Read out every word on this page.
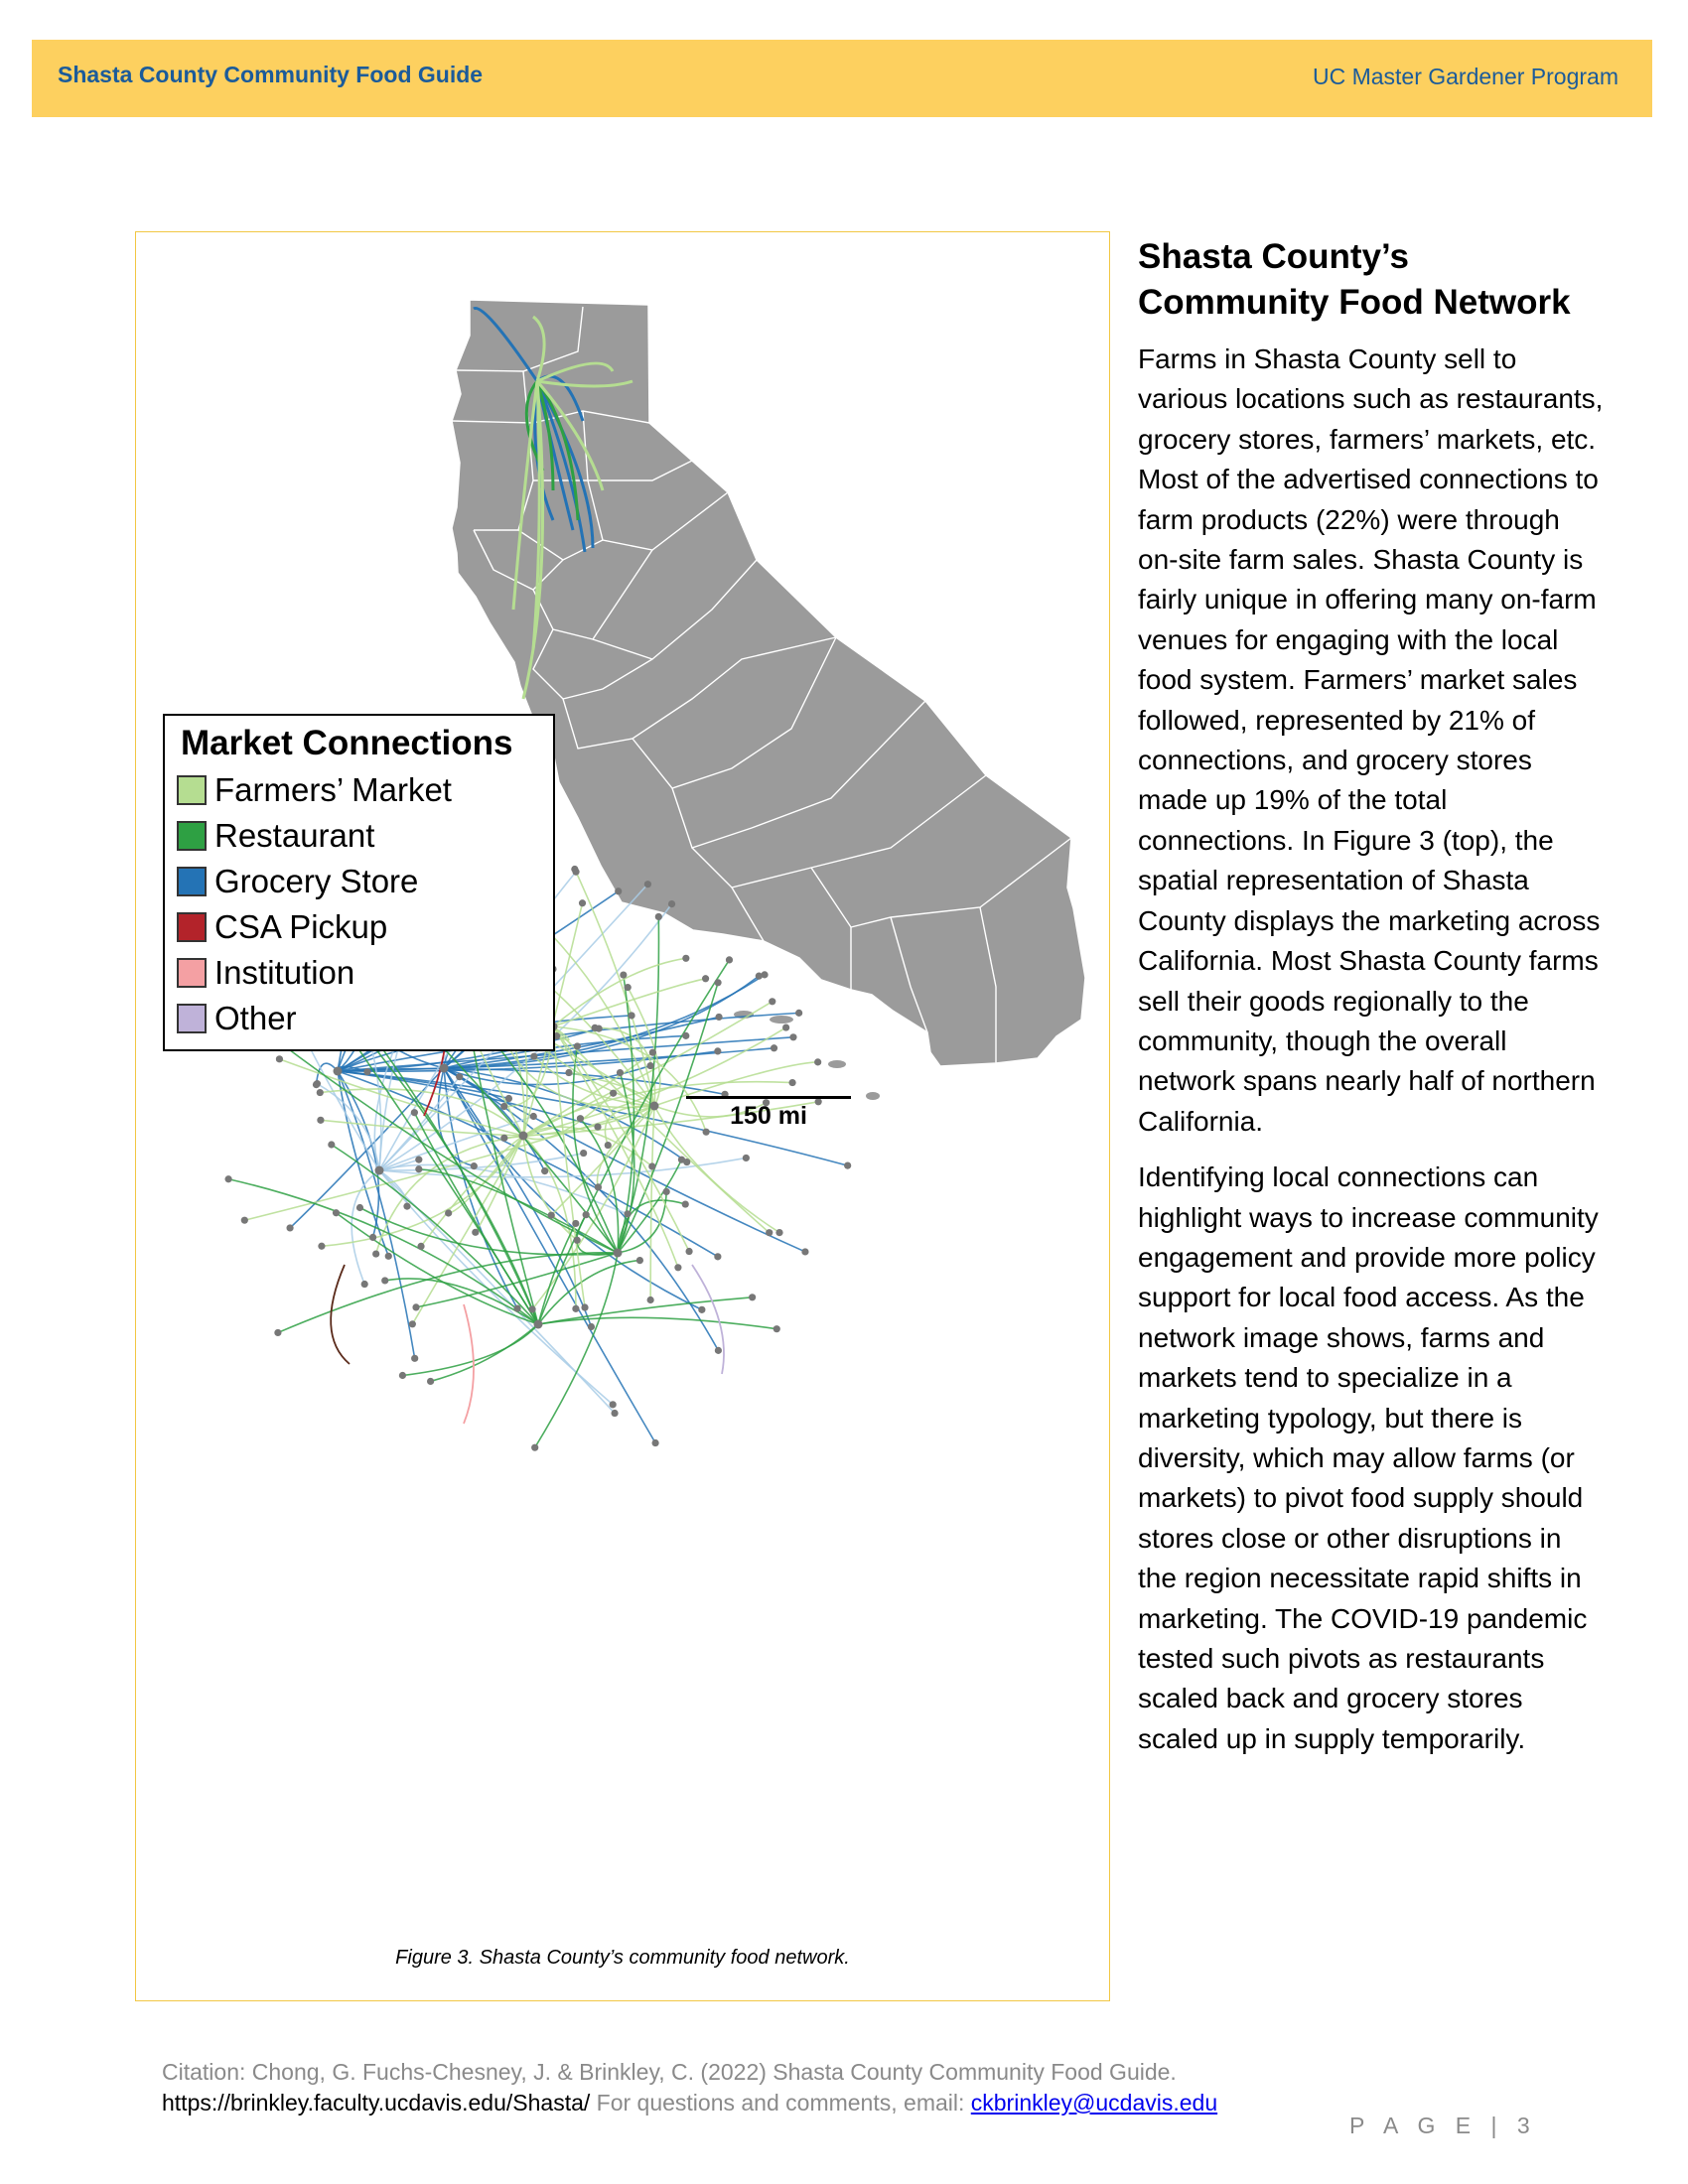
Shasta County Community Food Guide	UC Master Gardener Program
Market Connections
Farmers’ Market
Restaurant
Grocery Store
CSA Pickup
Institution
Other
150 mi
Figure 3. Shasta County’s community food network.
Shasta County’s Community Food Network

Farms in Shasta County sell to various locations such as restaurants, grocery stores, farmers’ markets, etc. Most of the advertised connections to farm products (22%) were through on-site farm sales. Shasta County is fairly unique in offering many on-farm venues for engaging with the local food system. Farmers’ market sales followed, represented by 21% of connections, and grocery stores made up 19% of the total connections. In Figure 3 (top), the spatial representation of Shasta County displays the marketing across California. Most Shasta County farms sell their goods regionally to the community, though the overall network spans nearly half of northern California.

Identifying local connections can highlight ways to increase community engagement and provide more policy support for local food access. As the network image shows, farms and markets tend to specialize in a marketing typology, but there is diversity, which may allow farms (or markets) to pivot food supply should stores close or other disruptions in the region necessitate rapid shifts in marketing. The COVID-19 pandemic tested such pivots as restaurants scaled back and grocery stores scaled up in supply temporarily.

Citation: Chong, G. Fuchs-Chesney, J. & Brinkley, C. (2022) Shasta County Community Food Guide.
https://brinkley.faculty.ucdavis.edu/Shasta/ For questions and comments, email: ckbrinkley@ucdavis.edu
P A G E | 3
